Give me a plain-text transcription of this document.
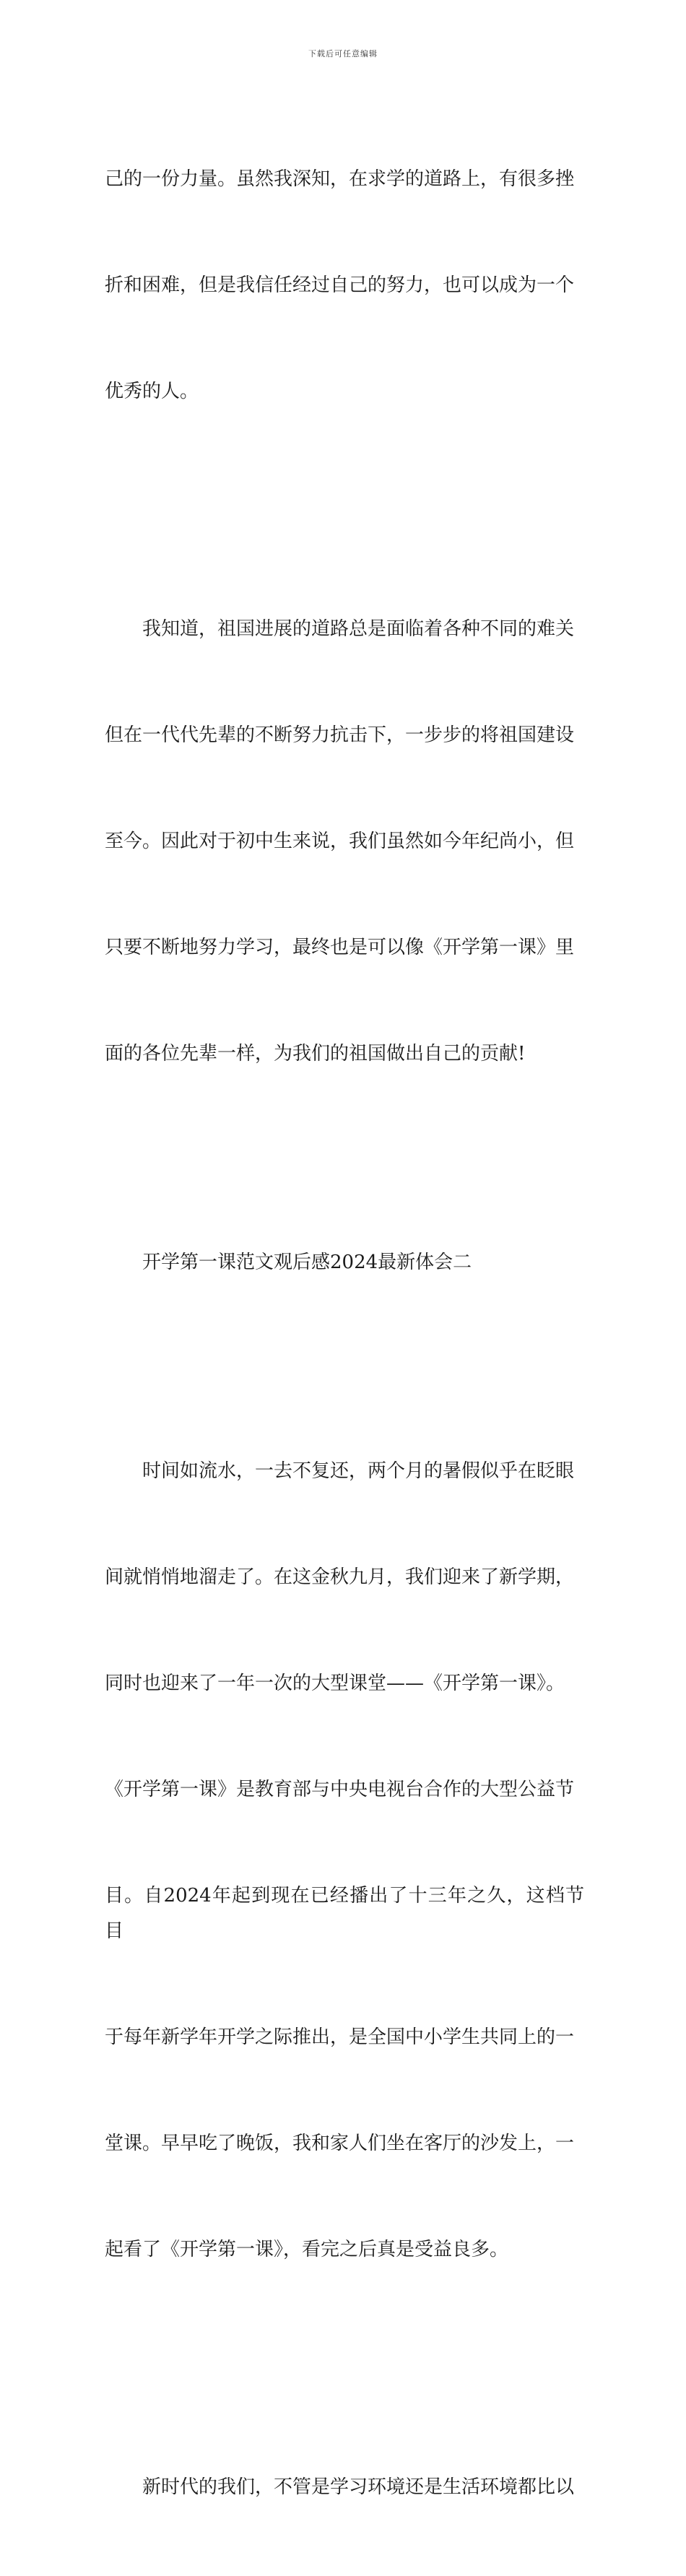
下载后可任意编辑

己的一份力量。虽然我深知，在求学的道路上，有很多挫

折和困难，但是我信任经过自己的努力，也可以成为一个

优秀的人。

我知道，祖国进展的道路总是面临着各种不同的难关

但在一代代先辈的不断努力抗击下，一步步的将祖国建设

至今。因此对于初中生来说，我们虽然如今年纪尚小，但

只要不断地努力学习，最终也是可以像《开学第一课》里

面的各位先辈一样，为我们的祖国做出自己的贡献!

开学第一课范文观后感2024最新体会二

时间如流水，一去不复还，两个月的暑假似乎在眨眼

间就悄悄地溜走了。在这金秋九月，我们迎来了新学期，

同时也迎来了一年一次的大型课堂——《开学第一课》。

《开学第一课》是教育部与中央电视台合作的大型公益节

目。自2024年起到现在已经播出了十三年之久，这档节目

于每年新学年开学之际推出，是全国中小学生共同上的一

堂课。早早吃了晚饭，我和家人们坐在客厅的沙发上，一

起看了《开学第一课》，看完之后真是受益良多。

新时代的我们，不管是学习环境还是生活环境都比以
